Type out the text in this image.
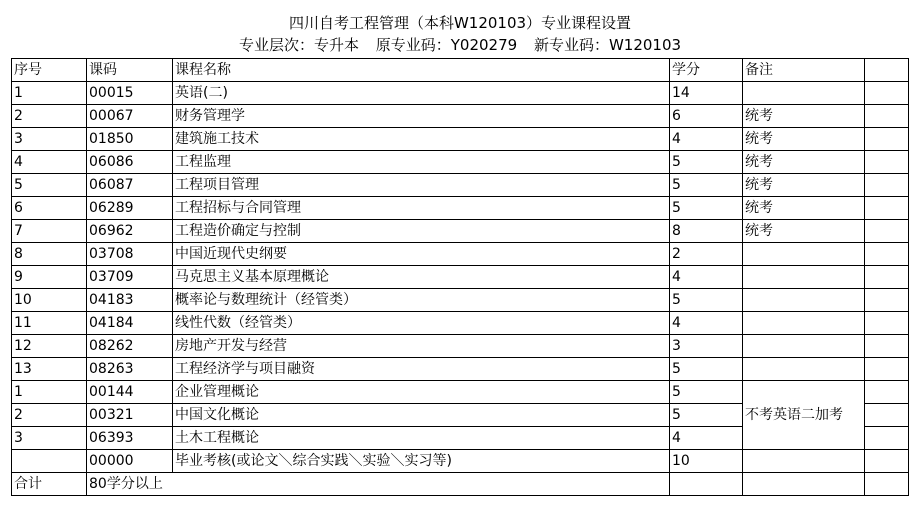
四川自考工程管理（本科W120103）专业课程设置
专业层次：专升本 原专业码：Y020279 新专业码：W120103
序号	课码	课程名称	学分	备注	
1	00015	英语(二)	14		
2	00067	财务管理学	6	统考	
3	01850	建筑施工技术	4	统考	
4	06086	工程监理	5	统考	
5	06087	工程项目管理	5	统考	
6	06289	工程招标与合同管理	5	统考	
7	06962	工程造价确定与控制	8	统考	
8	03708	中国近现代史纲要	2		
9	03709	马克思主义基本原理概论	4		
10	04183	概率论与数理统计（经管类）	5		
11	04184	线性代数（经管类）	4		
12	08262	房地产开发与经营	3		
13	08263	工程经济学与项目融资	5		
1	00144	企业管理概论	5	不考英语二加考	
2	00321	中国文化概论	5		
3	06393	土木工程概论	4		
	00000	毕业考核(或论文＼综合实践＼实验＼实习等)	10		
合计	80学分以上				
